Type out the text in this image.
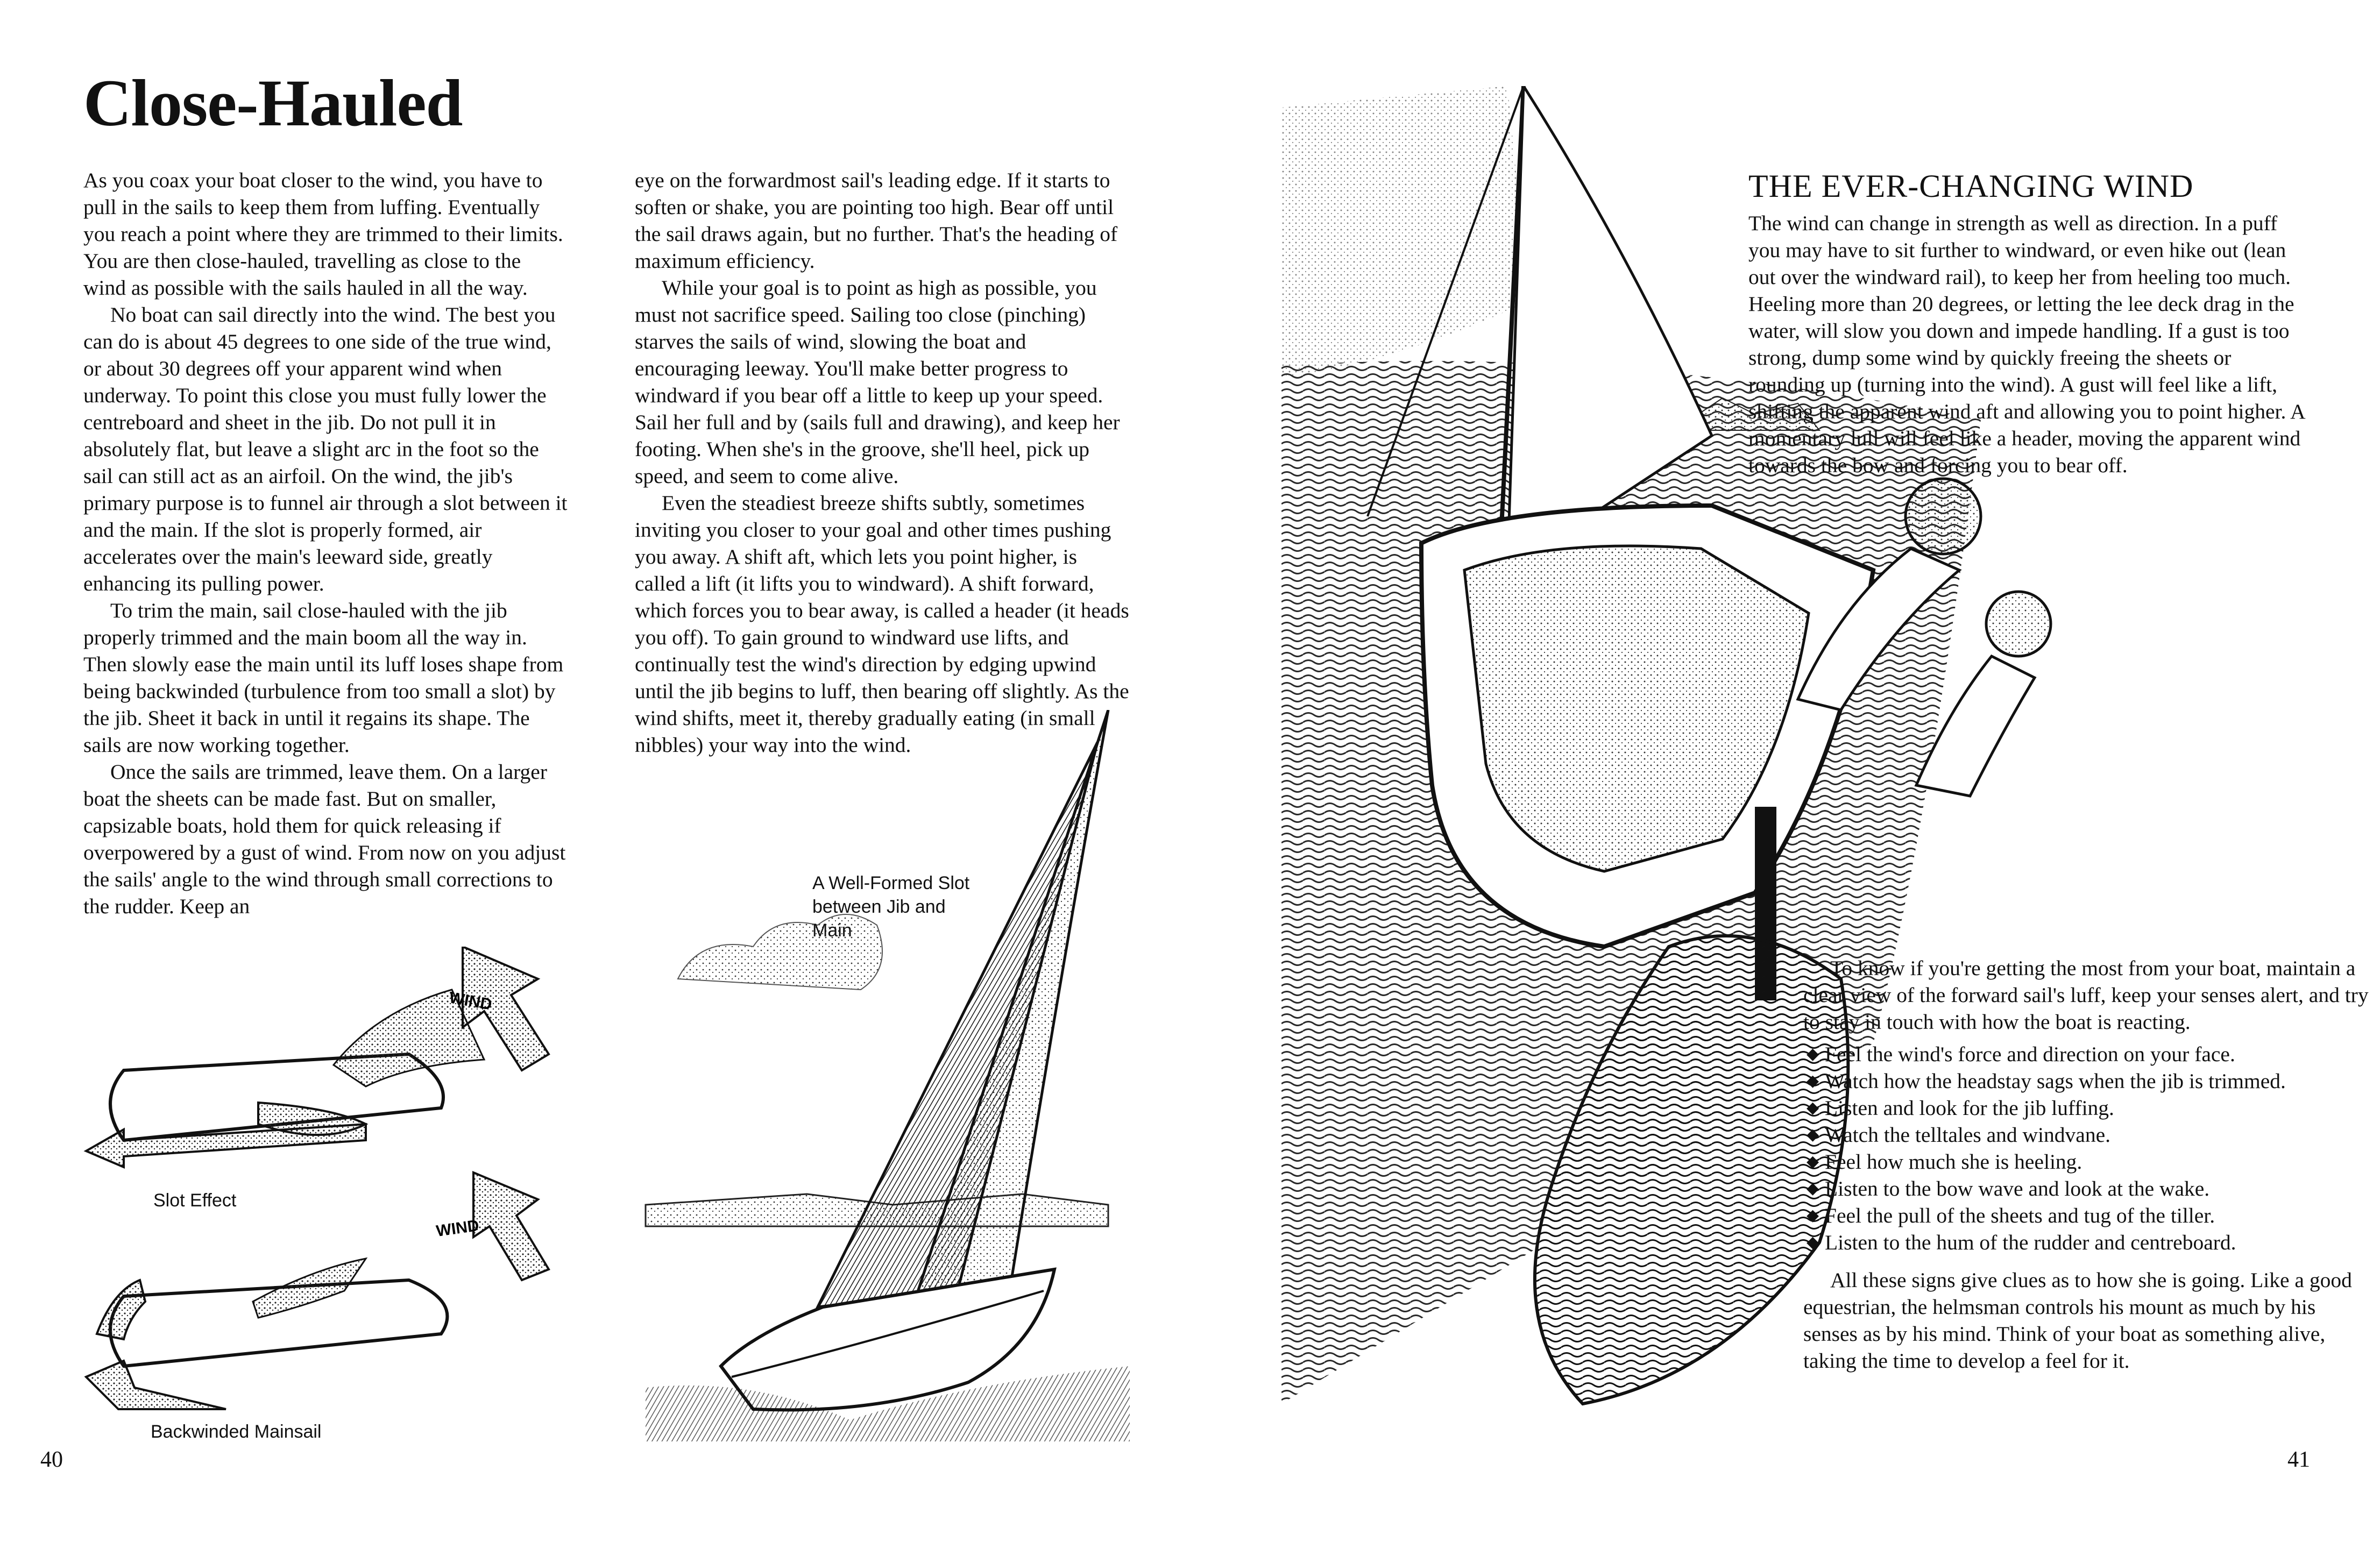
Close-Hauled

As you coax your boat closer to the wind, you have to pull in the sails to keep them from luffing. Eventually you reach a point where they are trimmed to their limits. You are then close-hauled, travelling as close to the wind as possible with the sails hauled in all the way.

No boat can sail directly into the wind. The best you can do is about 45 degrees to one side of the true wind, or about 30 degrees off your apparent wind when underway. To point this close you must fully lower the centreboard and sheet in the jib. Do not pull it in absolutely flat, but leave a slight arc in the foot so the sail can still act as an airfoil. On the wind, the jib's primary purpose is to funnel air through a slot between it and the main. If the slot is properly formed, air accelerates over the main's leeward side, greatly enhancing its pulling power.

To trim the main, sail close-hauled with the jib properly trimmed and the main boom all the way in. Then slowly ease the main until its luff loses shape from being backwinded (turbulence from too small a slot) by the jib. Sheet it back in until it regains its shape. The sails are now working together.

Once the sails are trimmed, leave them. On a larger boat the sheets can be made fast. But on smaller, capsizable boats, hold them for quick releasing if overpowered by a gust of wind. From now on you adjust the sails' angle to the wind through small corrections to the rudder. Keep an

eye on the forwardmost sail's leading edge. If it starts to soften or shake, you are pointing too high. Bear off until the sail draws again, but no further. That's the heading of maximum efficiency.

While your goal is to point as high as possible, you must not sacrifice speed. Sailing too close (pinching) starves the sails of wind, slowing the boat and encouraging leeway. You'll make better progress to windward if you bear off a little to keep up your speed. Sail her full and by (sails full and drawing), and keep her footing. When she's in the groove, she'll heel, pick up speed, and seem to come alive.

Even the steadiest breeze shifts subtly, sometimes inviting you closer to your goal and other times pushing you away. A shift aft, which lets you point higher, is called a lift (it lifts you to windward). A shift forward, which forces you to bear away, is called a header (it heads you off). To gain ground to windward use lifts, and continually test the wind's direction by edging upwind until the jib begins to luff, then bearing off slightly. As the wind shifts, meet it, thereby gradually eating (in small nibbles) your way into the wind.

WIND
WIND
Slot Effect
Backwinded Mainsail
A Well-Formed Slot between Jib and Main
40
THE EVER-CHANGING WIND

The wind can change in strength as well as direction. In a puff you may have to sit further to windward, or even hike out (lean out over the windward rail), to keep her from heeling too much. Heeling more than 20 degrees, or letting the lee deck drag in the water, will slow you down and impede handling. If a gust is too strong, dump some wind by quickly freeing the sheets or rounding up (turning into the wind). A gust will feel like a lift, shifting the apparent wind aft and allowing you to point higher. A momentary lull will feel like a header, moving the apparent wind towards the bow and forcing you to bear off.

To know if you're getting the most from your boat, maintain a clear view of the forward sail's luff, keep your senses alert, and try to stay in touch with how the boat is reacting.

◆ Feel the wind's force and direction on your face.
◆ Watch how the headstay sags when the jib is trimmed.
◆ Listen and look for the jib luffing.
◆ Watch the telltales and windvane.
◆ Feel how much she is heeling.
◆ Listen to the bow wave and look at the wake.
◆ Feel the pull of the sheets and tug of the tiller.
◆ Listen to the hum of the rudder and centreboard.

All these signs give clues as to how she is going. Like a good equestrian, the helmsman controls his mount as much by his senses as by his mind. Think of your boat as something alive, taking the time to develop a feel for it.

41
